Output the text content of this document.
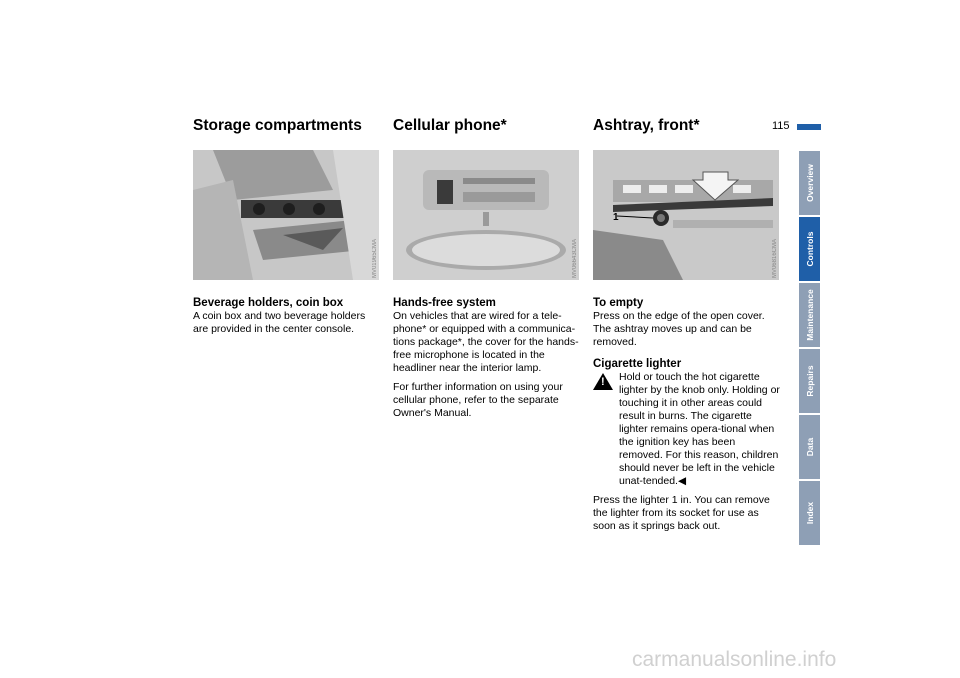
115
Storage compartments
MV01965CMA
Beverage holders, coin box

A coin box and two beverage holders are provided in the center console.

Cellular phone*
MV06643CMA
Hands-free system

On vehicles that are wired for a tele-phone* or equipped with a communica-tions package*, the cover for the hands-free microphone is located in the headliner near the interior lamp.

For further information on using your cellular phone, refer to the separate Owner's Manual.

Ashtray, front*
1
MV06816CMA
To empty

Press on the edge of the open cover. The ashtray moves up and can be removed.

Cigarette lighter
!

Hold or touch the hot cigarette lighter by the knob only. Holding or touching it in other areas could result in burns. The cigarette lighter remains opera-tional when the ignition key has been removed. For this reason, children should never be left in the vehicle unat-tended.◀

Press the lighter 1 in. You can remove the lighter from its socket for use as soon as it springs back out.

Overview
Controls
Maintenance
Repairs
Data
Index
carmanualsonline.info
